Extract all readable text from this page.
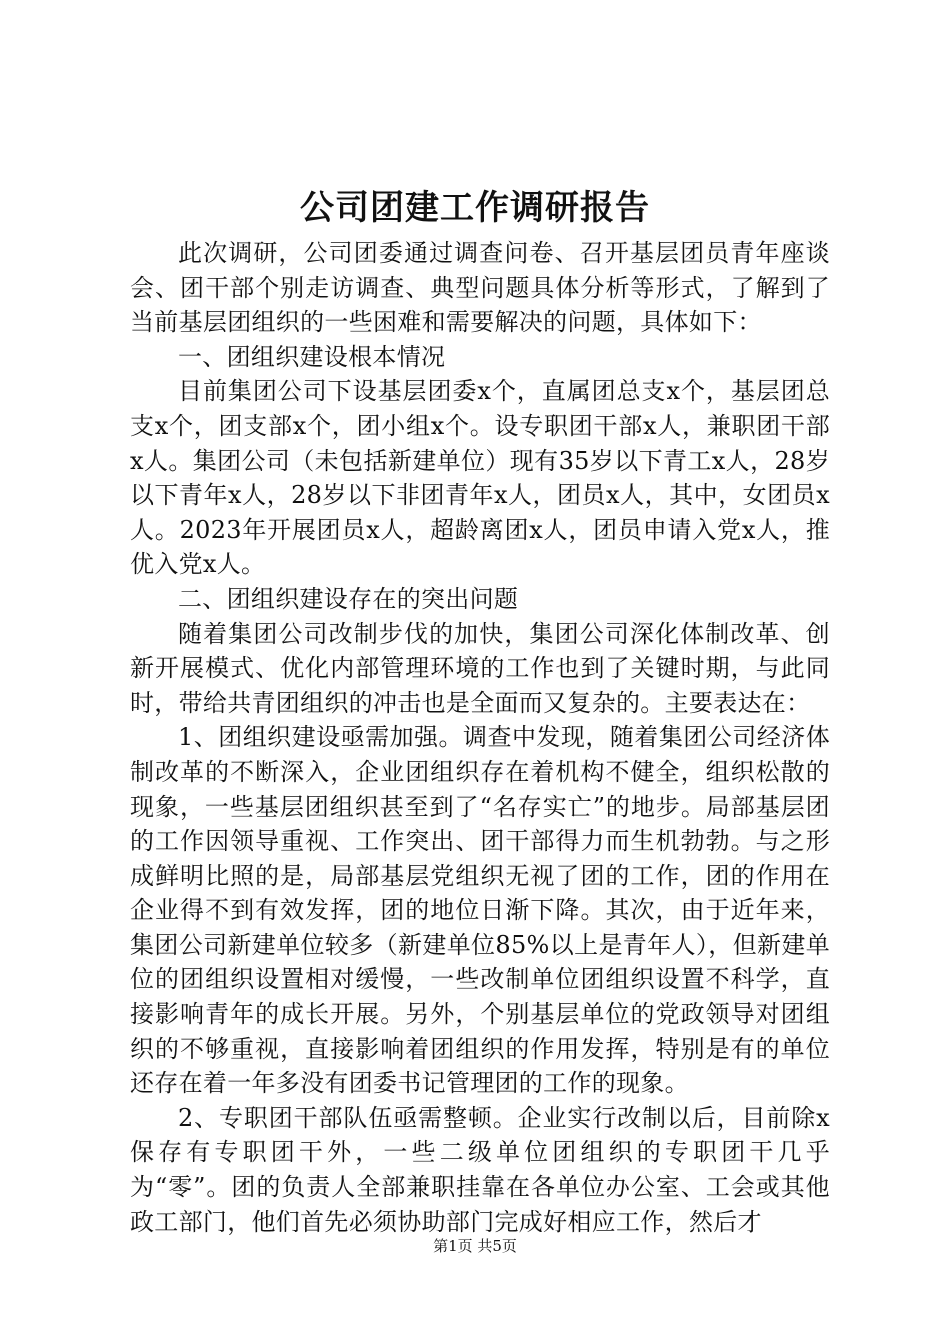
公司团建工作调研报告

此次调研，公司团委通过调查问卷、召开基层团员青年座谈会、团干部个别走访调查、典型问题具体分析等形式，了解到了当前基层团组织的一些困难和需要解决的问题，具体如下：

一、团组织建设根本情况

目前集团公司下设基层团委x个，直属团总支x个，基层团总支x个，团支部x个，团小组x个。设专职团干部x人，兼职团干部x人。集团公司（未包括新建单位）现有35岁以下青工x人，28岁以下青年x人，28岁以下非团青年x人，团员x人，其中，女团员x人。2023年开展团员x人，超龄离团x人，团员申请入党x人，推优入党x人。

二、团组织建设存在的突出问题

随着集团公司改制步伐的加快，集团公司深化体制改革、创新开展模式、优化内部管理环境的工作也到了关键时期，与此同时，带给共青团组织的冲击也是全面而又复杂的。主要表达在：

1、团组织建设亟需加强。调查中发现，随着集团公司经济体制改革的不断深入，企业团组织存在着机构不健全，组织松散的现象，一些基层团组织甚至到了“名存实亡”的地步。局部基层团的工作因领导重视、工作突出、团干部得力而生机勃勃。与之形成鲜明比照的是，局部基层党组织无视了团的工作，团的作用在企业得不到有效发挥，团的地位日渐下降。其次，由于近年来，集团公司新建单位较多（新建单位85%以上是青年人），但新建单位的团组织设置相对缓慢，一些改制单位团组织设置不科学，直接影响青年的成长开展。另外，个别基层单位的党政领导对团组织的不够重视，直接影响着团组织的作用发挥，特别是有的单位还存在着一年多没有团委书记管理团的工作的现象。

2、专职团干部队伍亟需整顿。企业实行改制以后，目前除x保存有专职团干外，一些二级单位团组织的专职团干几乎为“零”。团的负责人全部兼职挂靠在各单位办公室、工会或其他政工部门，他们首先必须协助部门完成好相应工作，然后才

第1页 共5页
